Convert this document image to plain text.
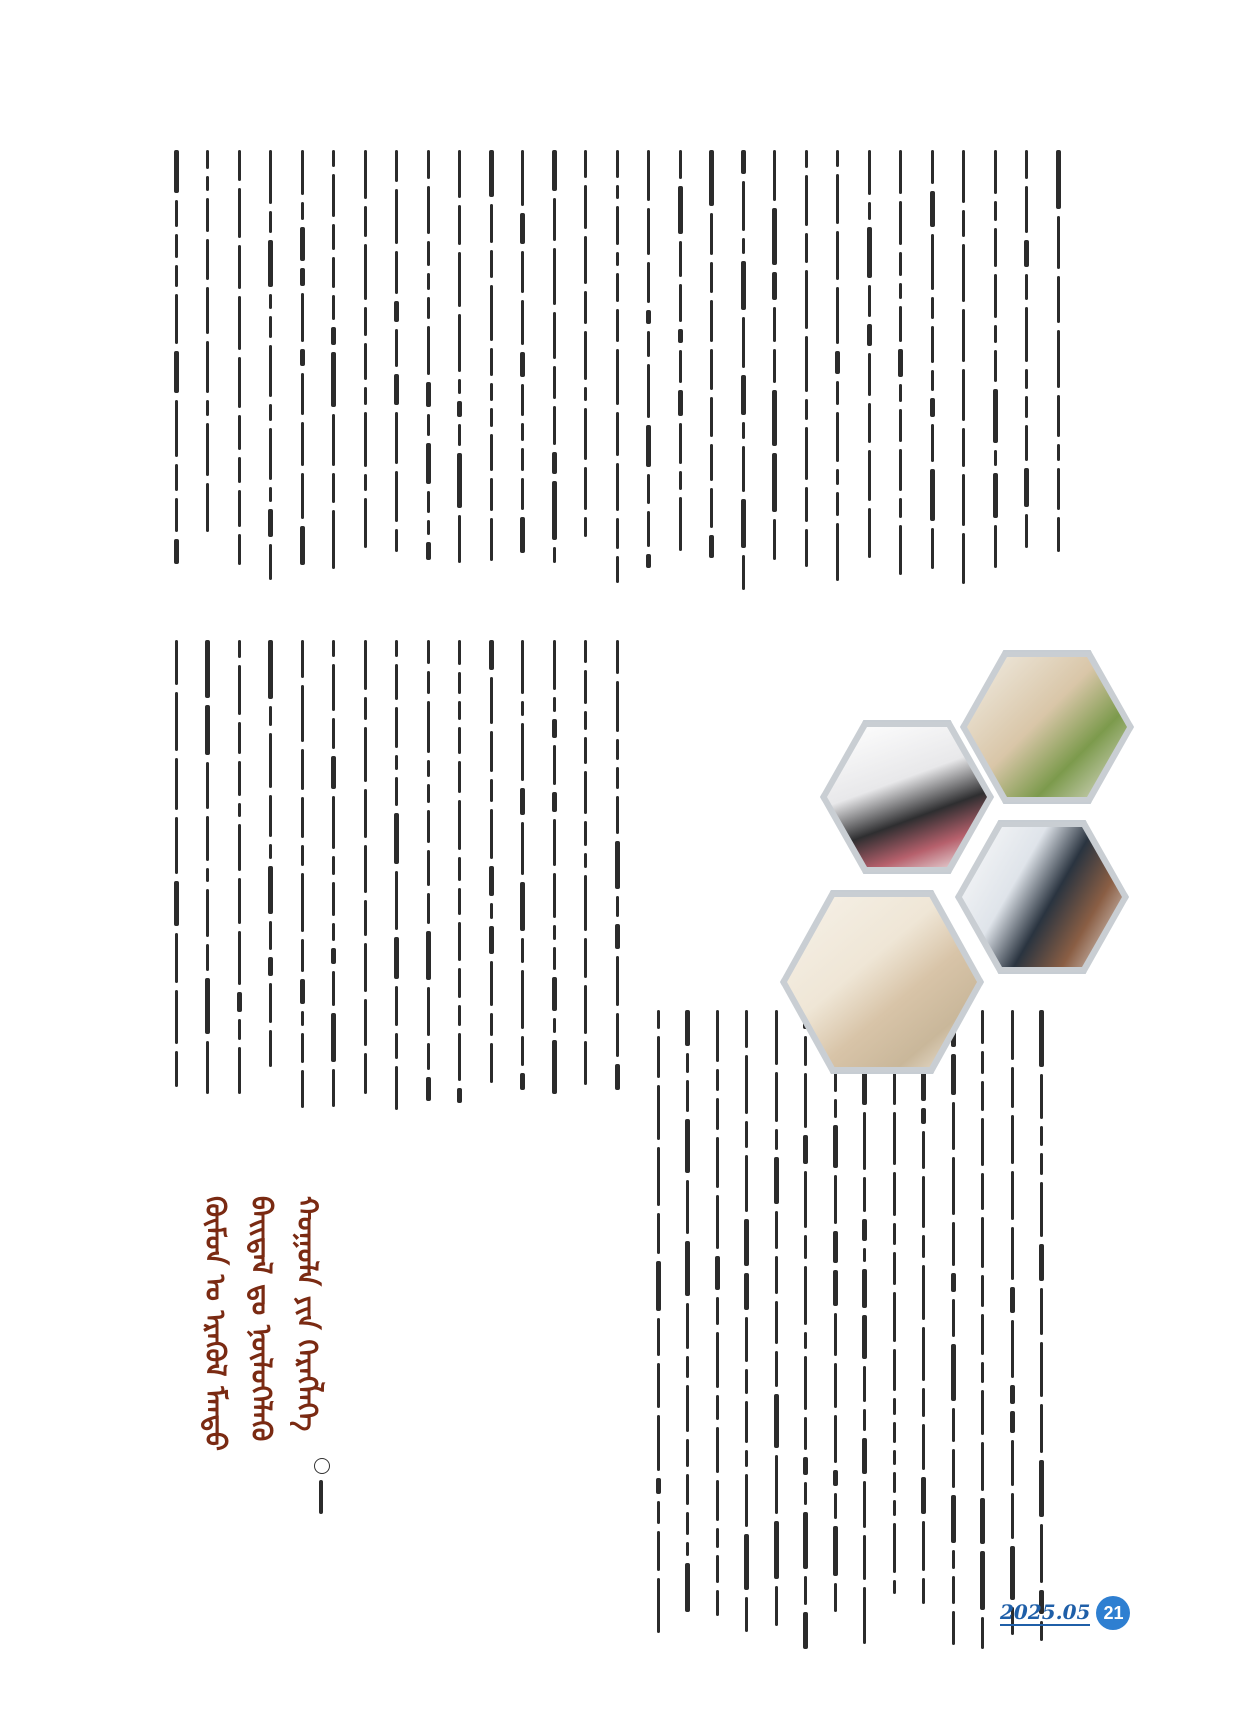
ᠬᠦᠮᠦᠨ ᠤ ᠡᠷᠡᠭᠦᠯ ᠮᠡᠨᠳᠦ ᠪᠠᠢᠳᠠᠯ ᠳᠤ ᠨᠥᠯᠦᠭᠡᠯᠡᠬᠦ ᠬᠣᠭᠣᠯᠠ ᠶᠢᠨ ᠬᠡᠷᠡᠭᠯᠡᠭᠡ
2025.05 21
